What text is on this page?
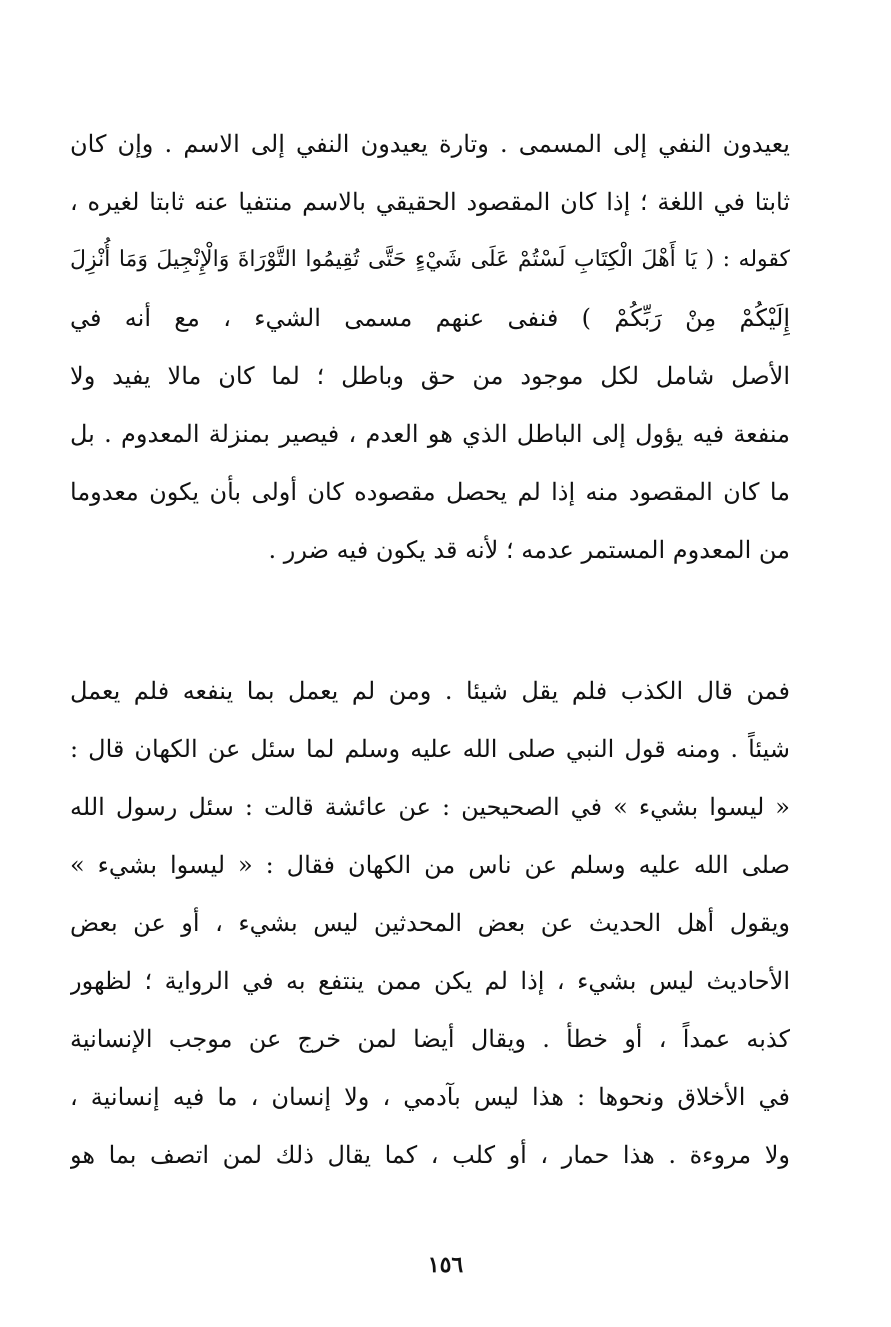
يعيدون النفي إلى المسمى . وتارة يعيدون النفي إلى الاسم . وإن كان
ثابتا في اللغة ؛ إذا كان المقصود الحقيقي بالاسم منتفيا عنه ثابتا لغيره ،
كقوله : ( يَا أَهْلَ الْكِتَابِ لَسْتُمْ عَلَى شَيْءٍ حَتَّى تُقِيمُوا التَّوْرَاةَ وَالْإِنْجِيلَ وَمَا أُنْزِلَ
إِلَيْكُمْ مِنْ رَبِّكُمْ ) فنفى عنهم مسمى الشيء ، مع أنه في
الأصل شامل لكل موجود من حق وباطل ؛ لما كان مالا يفيد ولا
منفعة فيه يؤول إلى الباطل الذي هو العدم ، فيصير بمنزلة المعدوم . بل
ما كان المقصود منه إذا لم يحصل مقصوده كان أولى بأن يكون معدوما
من المعدوم المستمر عدمه ؛ لأنه قد يكون فيه ضرر .
فمن قال الكذب فلم يقل شيئا . ومن لم يعمل بما ينفعه فلم يعمل
شيئاً . ومنه قول النبي صلى الله عليه وسلم لما سئل عن الكهان قال :
« ليسوا بشيء » في الصحيحين : عن عائشة قالت : سئل رسول الله
صلى الله عليه وسلم عن ناس من الكهان فقال : « ليسوا بشيء »
ويقول أهل الحديث عن بعض المحدثين ليس بشيء ، أو عن بعض
الأحاديث ليس بشيء ، إذا لم يكن ممن ينتفع به في الرواية ؛ لظهور
كذبه عمداً ، أو خطأ . ويقال أيضا لمن خرج عن موجب الإنسانية
في الأخلاق ونحوها : هذا ليس بآدمي ، ولا إنسان ، ما فيه إنسانية ،
ولا مروءة . هذا حمار ، أو كلب ، كما يقال ذلك لمن اتصف بما هو
١٥٦
